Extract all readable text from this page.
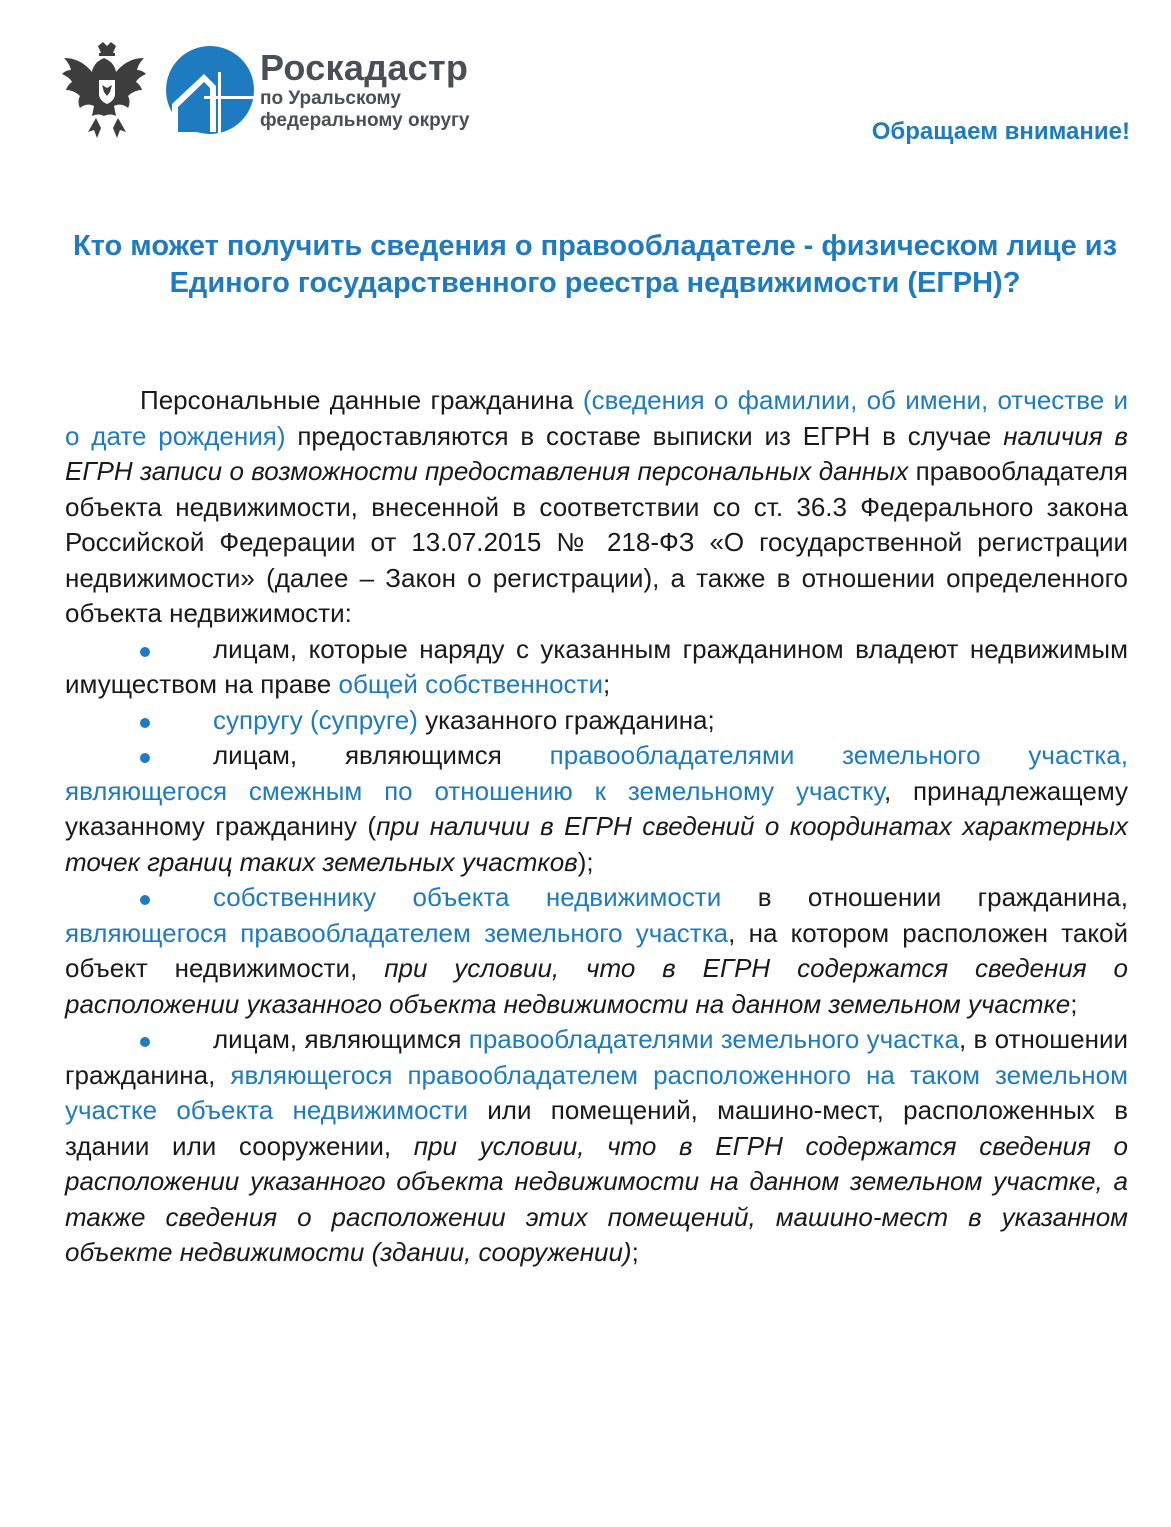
Роскадастр
по Уральскому
федеральному округу	Обращаем внимание!
Кто может получить сведения о правообладателе - физическом лице из Единого государственного реестра недвижимости (ЕГРН)?

Персональные данные гражданина (сведения о фамилии, об имени, отчестве и о дате рождения) предоставляются в составе выписки из ЕГРН в случае наличия в ЕГРН записи о возможности предоставления персональных данных правообладателя объекта недвижимости, внесенной в соответствии со ст. 36.3 Федерального закона Российской Федерации от 13.07.2015 № 218-ФЗ «О государственной регистрации недвижимости» (далее – Закон о регистрации), а также в отношении определенного объекта недвижимости:

лицам, которые наряду с указанным гражданином владеют недвижимым имуществом на праве общей собственности;

супругу (супруге) указанного гражданина;

лицам, являющимся правообладателями земельного участка, являющегося смежным по отношению к земельному участку, принадлежащему указанному гражданину (при наличии в ЕГРН сведений о координатах характерных точек границ таких земельных участков);

собственнику объекта недвижимости в отношении гражданина, являющегося правообладателем земельного участка, на котором расположен такой объект недвижимости, при условии, что в ЕГРН содержатся сведения о расположении указанного объекта недвижимости на данном земельном участке;

лицам, являющимся правообладателями земельного участка, в отношении гражданина, являющегося правообладателем расположенного на таком земельном участке объекта недвижимости или помещений, машино-мест, расположенных в здании или сооружении, при условии, что в ЕГРН содержатся сведения о расположении указанного объекта недвижимости на данном земельном участке, а также сведения о расположении этих помещений, машино-мест в указанном объекте недвижимости (здании, сооружении);
